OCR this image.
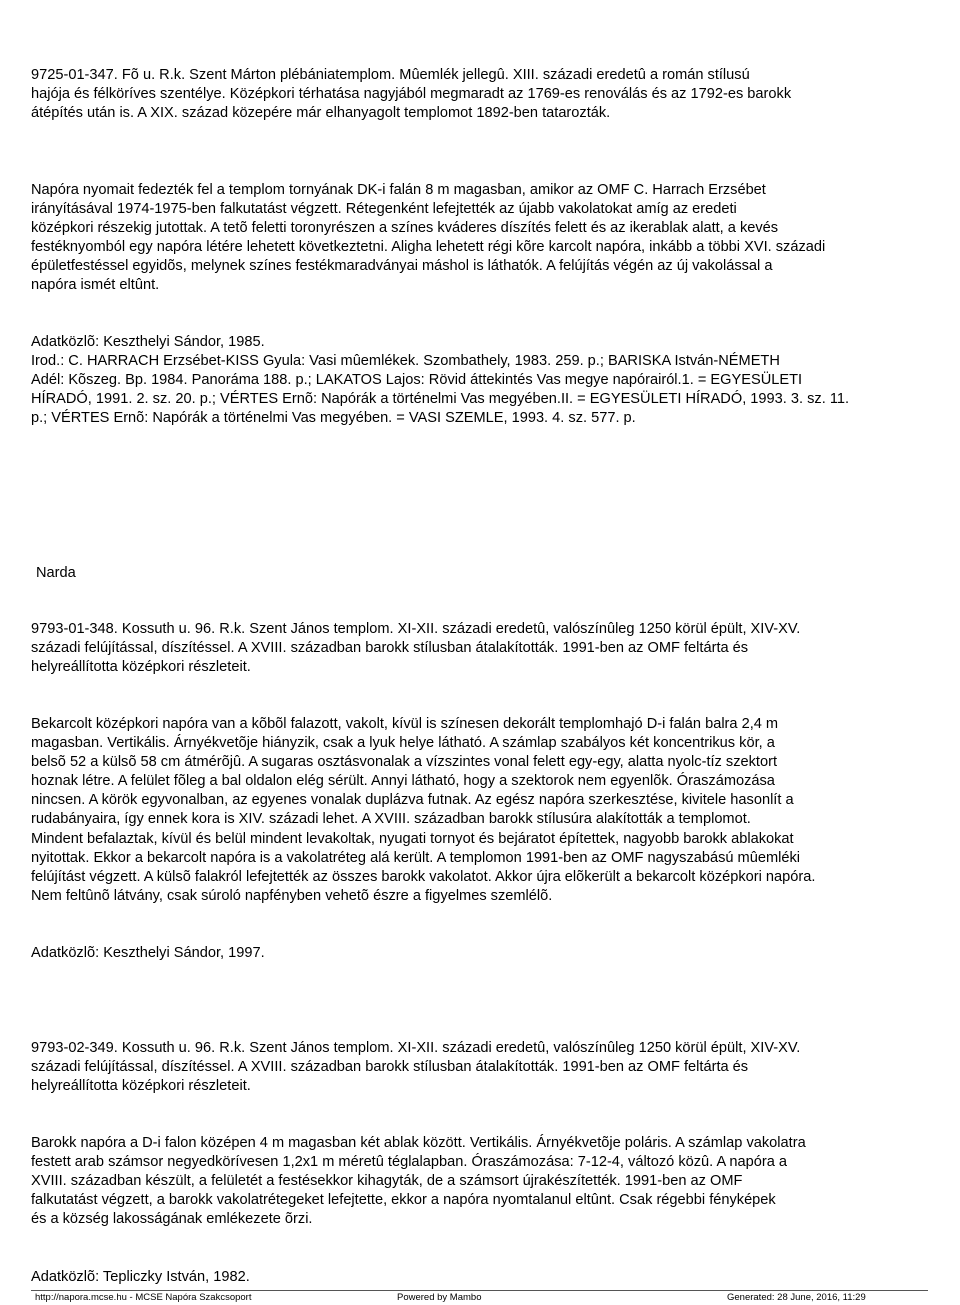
9725-01-347. Fõ u. R.k. Szent Márton plébániatemplom. Mûemlék jellegû. XIII. századi eredetû a román stílusú
hajója és félköríves szentélye. Középkori térhatása nagyjából megmaradt az 1769-es renoválás és az 1792-es barokk
átépítés után is. A XIX. század közepére már elhanyagolt templomot 1892-ben tatarozták.
Napóra nyomait fedezték fel a templom tornyának DK-i falán 8 m magasban, amikor az OMF C. Harrach Erzsébet
irányításával 1974-1975-ben falkutatást végzett. Rétegenként lefejtették az újabb vakolatokat amíg az eredeti
középkori részekig jutottak. A tetõ feletti toronyrészen a színes kváderes díszítés felett és az ikerablak alatt, a kevés
festéknyomból egy napóra létére lehetett következtetni. Aligha lehetett régi kõre karcolt napóra, inkább a többi XVI. századi
épületfestéssel egyidõs, melynek színes festékmaradványai máshol is láthatók. A felújítás végén az új vakolással a
napóra ismét eltûnt.
Adatközlõ: Keszthelyi Sándor, 1985.
Irod.: C. HARRACH Erzsébet-KISS Gyula: Vasi mûemlékek. Szombathely, 1983. 259. p.; BARISKA István-NÉMETH
Adél: Kõszeg. Bp. 1984. Panoráma 188. p.; LAKATOS Lajos: Rövid áttekintés Vas megye napórairól.1. = EGYESÜLETI
HÍRADÓ, 1991. 2. sz. 20. p.; VÉRTES Ernõ: Napórák a történelmi Vas megyében.II. = EGYESÜLETI HÍRADÓ, 1993. 3. sz. 11.
p.; VÉRTES Ernõ: Napórák a történelmi Vas megyében. = VASI SZEMLE, 1993. 4. sz. 577. p.
Narda
9793-01-348. Kossuth u. 96. R.k. Szent János templom. XI-XII. századi eredetû, valószínûleg 1250 körül épült, XIV-XV.
századi felújítással, díszítéssel. A XVIII. században barokk stílusban átalakították. 1991-ben az OMF feltárta és
helyreállította középkori részleteit.
Bekarcolt középkori napóra van a kõbõl falazott, vakolt, kívül is színesen dekorált templomhajó D-i falán balra 2,4 m
magasban. Vertikális. Árnyékvetõje hiányzik, csak a lyuk helye látható. A számlap szabályos két koncentrikus kör, a
belsõ 52 a külsõ 58 cm átmérõjû. A sugaras osztásvonalak a vízszintes vonal felett egy-egy, alatta nyolc-tíz szektort
hoznak létre. A felület fõleg a bal oldalon elég sérült. Annyi látható, hogy a szektorok nem egyenlõk. Óraszámozása
nincsen. A körök egyvonalban, az egyenes vonalak duplázva futnak. Az egész napóra szerkesztése, kivitele hasonlít a
rudabányaira, így ennek kora is XIV. századi lehet. A XVIII. században barokk stílusúra alakították a templomot.
Mindent befalaztak, kívül és belül mindent levakoltak, nyugati tornyot és bejáratot építettek, nagyobb barokk ablakokat
nyitottak. Ekkor a bekarcolt napóra is a vakolatréteg alá került. A templomon 1991-ben az OMF nagyszabású mûemléki
felújítást végzett. A külsõ falakról lefejtették az összes barokk vakolatot. Akkor újra elõkerült a bekarcolt középkori napóra.
Nem feltûnõ látvány, csak súroló napfényben vehetõ észre a figyelmes szemlélõ.
Adatközlõ: Keszthelyi Sándor, 1997.
9793-02-349. Kossuth u. 96. R.k. Szent János templom. XI-XII. századi eredetû, valószínûleg 1250 körül épült, XIV-XV.
századi felújítással, díszítéssel. A XVIII. században barokk stílusban átalakították. 1991-ben az OMF feltárta és
helyreállította középkori részleteit.
Barokk napóra a D-i falon középen 4 m magasban két ablak között. Vertikális. Árnyékvetõje poláris. A számlap vakolatra
festett arab számsor negyedkörívesen 1,2x1 m méretû téglalapban. Óraszámozása: 7-12-4, változó közû. A napóra a
XVIII. században készült, a felületét a festésekkor kihagyták, de a számsort újrakészítették. 1991-ben az OMF
falkutatást végzett, a barokk vakolatrétegeket lefejtette, ekkor a napóra nyomtalanul eltûnt. Csak régebbi fényképek
és a község lakosságának emlékezete õrzi.
Adatközlõ: Tepliczky István, 1982.
http://napora.mcse.hu - MCSE Napóra Szakcsoport	Powered by Mambo	Generated: 28 June, 2016, 11:29
